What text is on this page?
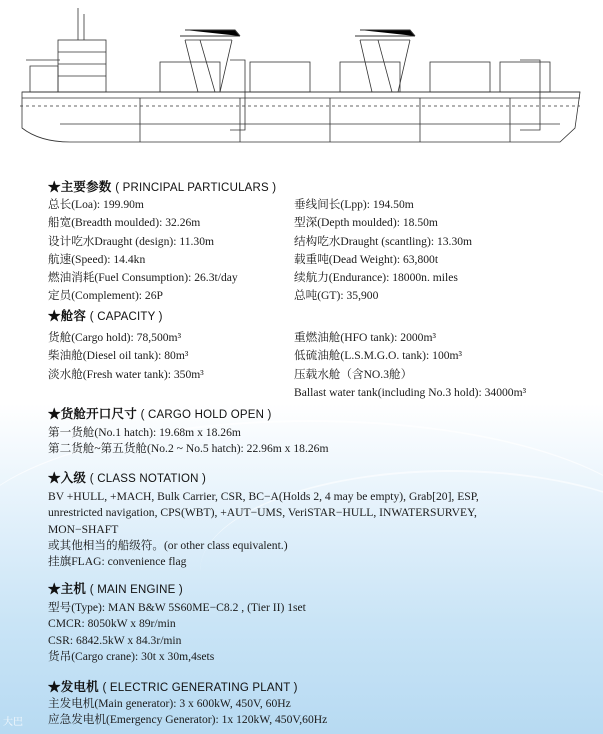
★主要参数 ( PRINCIPAL PARTICULARS )
总长(Loa): 199.90m	垂线间长(Lpp): 194.50m
船宽(Breadth moulded): 32.26m	型深(Depth moulded): 18.50m
设计吃水Draught (design): 11.30m	结构吃水Draught (scantling): 13.30m
航速(Speed): 14.4kn	载重吨(Dead Weight): 63,800t
燃油消耗(Fuel Consumption): 26.3t/day	续航力(Endurance): 18000n. miles
定员(Complement): 26P	总吨(GT): 35,900
★舱容 ( CAPACITY )
货舱(Cargo hold): 78,500m³	重燃油舱(HFO tank): 2000m³
柴油舱(Diesel oil tank): 80m³	低硫油舱(L.S.M.G.O. tank): 100m³
淡水舱(Fresh water tank): 350m³	压载水舱（含NO.3舱）
Ballast water tank(including No.3 hold): 34000m³
★货舱开口尺寸 ( CARGO HOLD OPEN )
第一货舱(No.1 hatch): 19.68m x 18.26m
第二货舱~第五货舱(No.2 ~ No.5 hatch): 22.96m x 18.26m
★入级 ( CLASS NOTATION )
BV +HULL, +MACH, Bulk Carrier, CSR, BC−A(Holds 2, 4 may be empty), Grab[20], ESP,
unrestricted navigation, CPS(WBT), +AUT−UMS, VeriSTAR−HULL, INWATERSURVEY,
MON−SHAFT
或其他相当的船级符。(or other class equivalent.)
挂旗FLAG: convenience flag
★主机 ( MAIN ENGINE )
型号(Type): MAN B&W 5S60ME−C8.2 , (Tier II) 1set
CMCR: 8050kW x 89r/min
CSR: 6842.5kW x 84.3r/min
货吊(Cargo crane): 30t x 30m,4sets
★发电机 ( ELECTRIC GENERATING PLANT )
主发电机(Main generator): 3 x 600kW, 450V, 60Hz
应急发电机(Emergency Generator): 1x 120kW, 450V,60Hz
大巴
